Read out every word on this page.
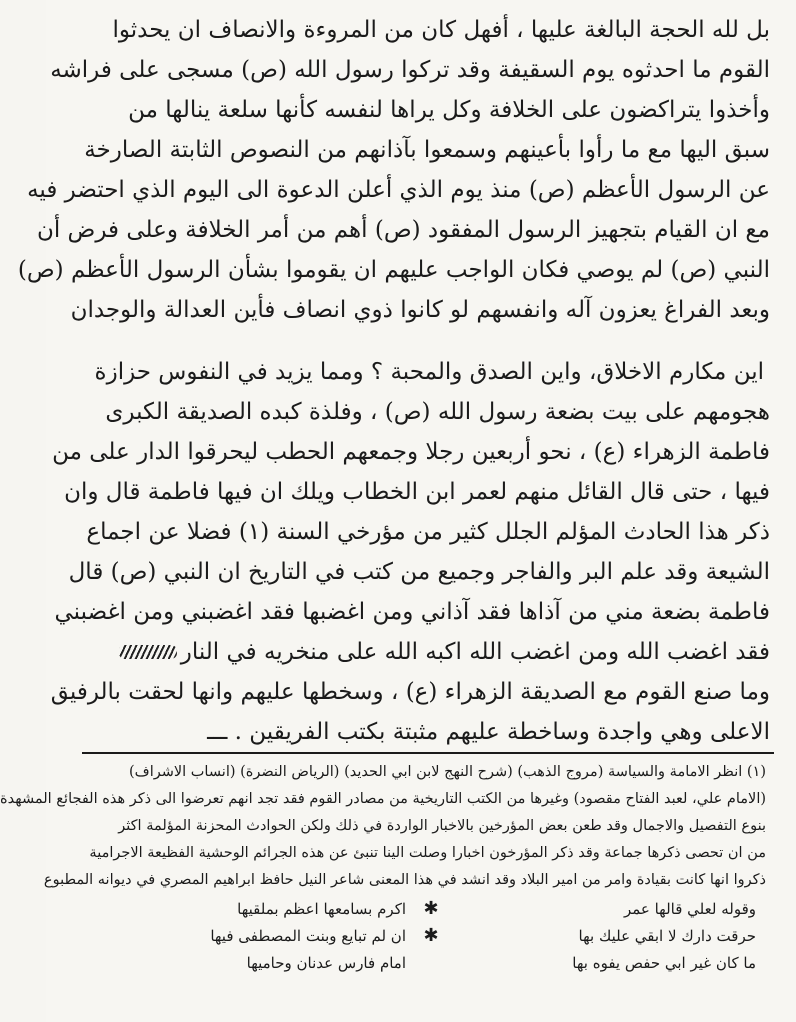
بل لله الحجة البالغة عليها ، أفهل كان من المروءة والانصاف ان يحدثوا
القوم ما احدثوه يوم السقيفة وقد تركوا رسول الله (ص) مسجى على فراشه
وأخذوا يتراكضون على الخلافة وكل يراها لنفسه كأنها سلعة ينالها من
سبق اليها مع ما رأوا بأعينهم وسمعوا بآذانهم من النصوص الثابتة الصارخة
عن الرسول الأعظم (ص) منذ يوم الذي أعلن الدعوة الى اليوم الذي احتضر فيه
مع ان القيام بتجهيز الرسول المفقود (ص) أهم من أمر الخلافة وعلى فرض أن
النبي (ص) لم يوصي فكان الواجب عليهم ان يقوموا بشأن الرسول الأعظم (ص)
وبعد الفراغ يعزون آله وانفسهم لو كانوا ذوي انصاف فأين العدالة والوجدان
اين مكارم الاخلاق، واين الصدق والمحبة ؟ ومما يزيد في النفوس حزازة
هجومهم على بيت بضعة رسول الله (ص) ، وفلذة كبده الصديقة الكبرى
فاطمة الزهراء (ع) ، نحو أربعين رجلا وجمعهم الحطب ليحرقوا الدار على من
فيها ، حتى قال القائل منهم لعمر ابن الخطاب ويلك ان فيها فاطمة قال وان
ذكر هذا الحادث المؤلم الجلل كثير من مؤرخي السنة (١) فضلا عن اجماع
الشيعة وقد علم البر والفاجر وجميع من كتب في التاريخ ان النبي (ص) قال
فاطمة بضعة مني من آذاها فقد آذاني ومن اغضبها فقد اغضبني ومن اغضبني
فقد اغضب الله ومن اغضب الله اكبه الله على منخريه في النار
وما صنع القوم مع الصديقة الزهراء (ع) ، وسخطها عليهم وانها لحقت بالرفيق
الاعلى وهي واجدة وساخطة عليهم مثبتة بكتب الفريقين . ـــ
(١) انظر الامامة والسياسة (مروج الذهب) (شرح النهج لابن ابي الحديد) (الرياض النضرة) (انساب الاشراف)
(الامام علي، لعبد الفتاح مقصود) وغيرها من الكتب التاريخية من مصادر القوم فقد تجد انهم تعرضوا الى ذكر هذه الفجائع المشهدة
بنوع التفصيل والاجمال وقد طعن بعض المؤرخين بالاخبار الواردة في ذلك ولكن الحوادث المحزنة المؤلمة اكثر
من ان تحصى ذكرها جماعة وقد ذكر المؤرخون اخبارا وصلت الينا تنبئ عن هذه الجرائم الوحشية الفظيعة الاجرامية
ذكروا انها كانت بقيادة وامر من امير البلاد وقد انشد في هذا المعنى شاعر النيل حافظ ابراهيم المصري في ديوانه المطبوع
وقوله لعلي قالها عمر
✱
اكرم بسامعها اعظم بملقيها
حرقت دارك لا ابقي عليك بها
✱
ان لم تبايع وبنت المصطفى فيها
ما كان غير ابي حفص يفوه بها
امام فارس عدنان وحاميها
